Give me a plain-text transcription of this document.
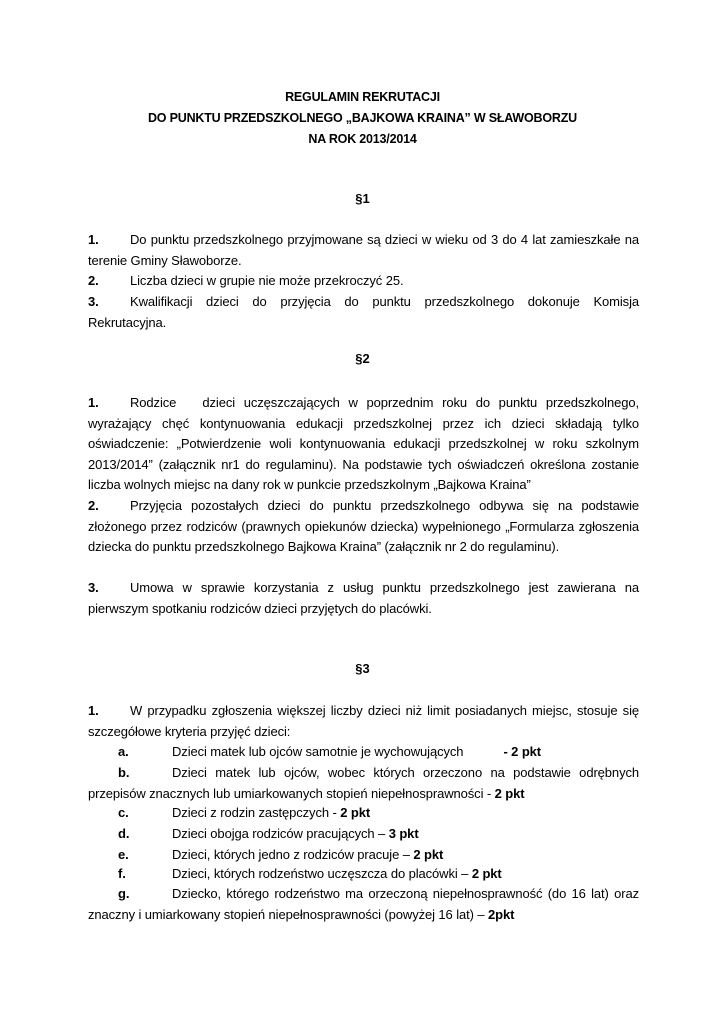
REGULAMIN REKRUTACJI
DO PUNKTU PRZEDSZKOLNEGO „BAJKOWA KRAINA” W SŁAWOBORZU
NA ROK 2013/2014
§1
1. Do punktu przedszkolnego przyjmowane są dzieci w wieku od 3 do 4 lat zamieszkałe na terenie Gminy Sławoborze.
2. Liczba dzieci w grupie nie może przekroczyć 25.
3. Kwalifikacji dzieci do przyjęcia do punktu przedszkolnego dokonuje Komisja Rekrutacyjna.
§2
1. Rodzice   dzieci uczęszczających w poprzednim roku do punktu przedszkolnego, wyrażający chęć kontynuowania edukacji przedszkolnej przez ich dzieci składają tylko oświadczenie: „Potwierdzenie woli kontynuowania edukacji przedszkolnej w roku szkolnym 2013/2014” (załącznik nr1 do regulaminu). Na podstawie tych oświadczeń określona zostanie liczba wolnych miejsc na dany rok w punkcie przedszkolnym „Bajkowa Kraina”
2. Przyjęcia pozostałych dzieci do punktu przedszkolnego odbywa się na podstawie złożonego przez rodziców (prawnych opiekunów dziecka) wypełnionego „Formularza zgłoszenia dziecka do punktu przedszkolnego Bajkowa Kraina” (załącznik nr 2 do regulaminu).
3. Umowa w sprawie korzystania z usług punktu przedszkolnego jest zawierana na pierwszym spotkaniu rodziców dzieci przyjętych do placówki.
§3
1. W przypadku zgłoszenia większej liczby dzieci niż limit posiadanych miejsc, stosuje się szczegółowe kryteria przyjęć dzieci:
a.	Dzieci matek lub ojców samotnie je wychowujących	- 2 pkt
b.	Dzieci matek lub ojców, wobec których orzeczono na podstawie odrębnych przepisów znacznych lub umiarkowanych stopień niepełnosprawności - 2 pkt
c.	Dzieci z rodzin zastępczych - 2 pkt
d.	Dzieci obojga rodziców pracujących – 3 pkt
e.	Dzieci, których jedno z rodziców pracuje – 2 pkt
f.	Dzieci, których rodzeństwo uczęszcza do placówki – 2 pkt
g.	Dziecko, którego rodzeństwo ma orzeczoną niepełnosprawność (do 16 lat) oraz znaczny i umiarkowany stopień niepełnosprawności (powyżej 16 lat) – 2pkt
